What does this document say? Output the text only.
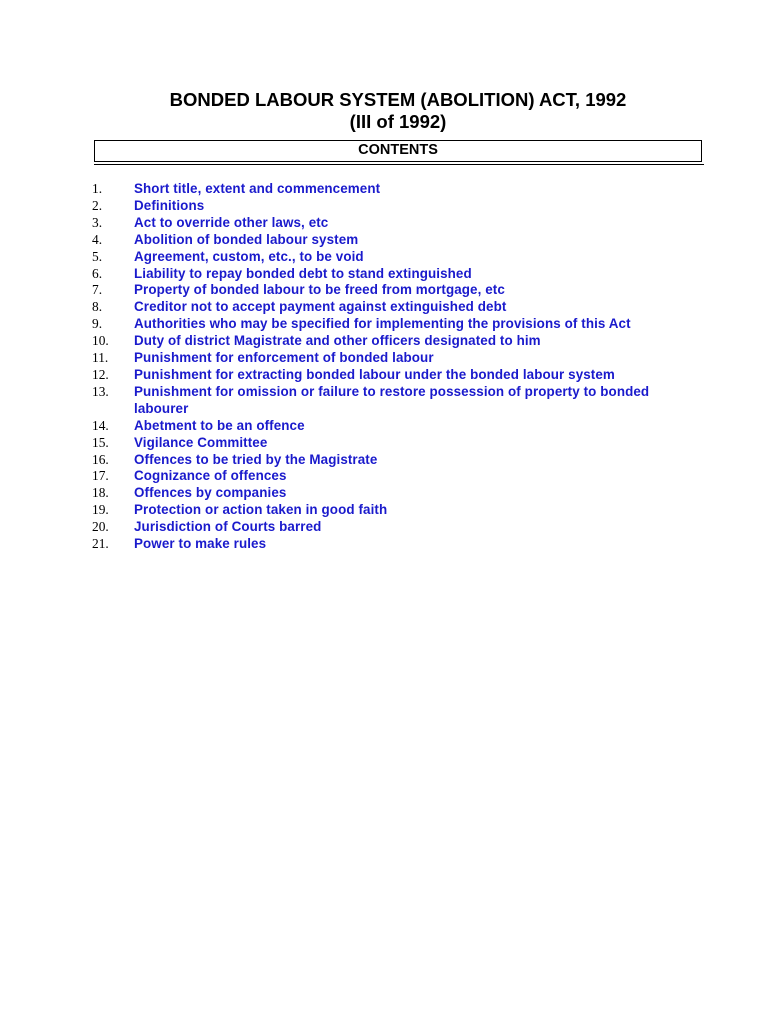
BONDED LABOUR SYSTEM (ABOLITION) ACT, 1992
(III of 1992)
CONTENTS
1.	Short title, extent and commencement
2.	Definitions
3.	Act to override other laws, etc
4.	Abolition of bonded labour system
5.	Agreement, custom, etc., to be void
6.	Liability to repay bonded debt to stand extinguished
7.	Property of bonded labour to be freed from mortgage, etc
8.	Creditor not to accept payment against extinguished debt
9.	Authorities who may be specified for implementing the provisions of this Act
10.	Duty of district Magistrate and other officers designated to him
11.	Punishment for enforcement of bonded labour
12.	Punishment for extracting bonded labour under the bonded labour system
13.	Punishment for omission or failure to restore possession of property to bonded labourer
14.	Abetment to be an offence
15.	Vigilance Committee
16.	Offences to be tried by the Magistrate
17.	Cognizance of offences
18.	Offences by companies
19.	Protection or action taken in good faith
20.	Jurisdiction of Courts barred
21.	Power to make rules
